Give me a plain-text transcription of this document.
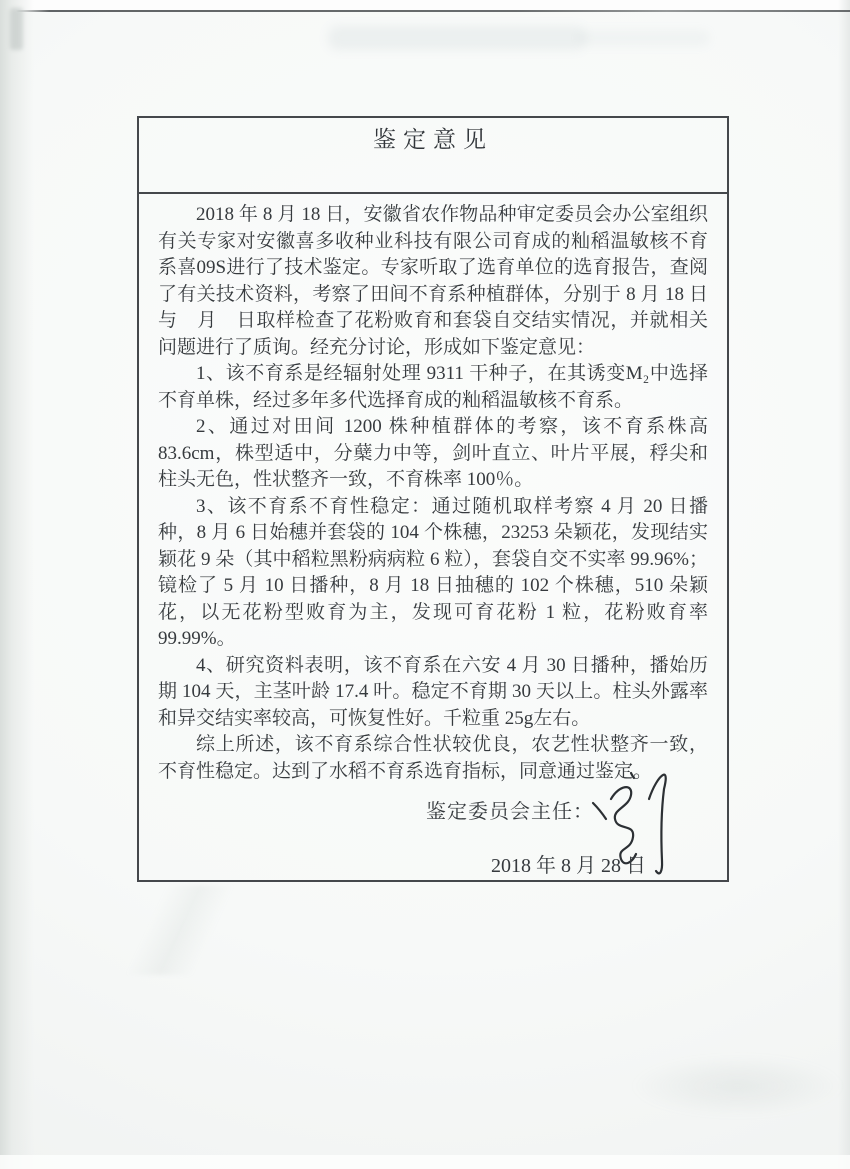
鉴定意见

2018 年 8 月 18 日，安徽省农作物品种审定委员会办公室组织有关专家对安徽喜多收种业科技有限公司育成的籼稻温敏核不育系喜09S进行了技术鉴定。专家听取了选育单位的选育报告，查阅了有关技术资料，考察了田间不育系种植群体，分别于 8 月 18 日与　月　日取样检查了花粉败育和套袋自交结实情况，并就相关问题进行了质询。经充分讨论，形成如下鉴定意见：

1、该不育系是经辐射处理 9311 干种子，在其诱变M₂中选择不育单株，经过多年多代选择育成的籼稻温敏核不育系。

2、通过对田间 1200 株种植群体的考察，该不育系株高 83.6cm，株型适中，分蘖力中等，剑叶直立、叶片平展，稃尖和柱头无色，性状整齐一致，不育株率 100％。

3、该不育系不育性稳定：通过随机取样考察 4 月 20 日播种，8 月 6 日始穗并套袋的 104 个株穗，23253 朵颖花，发现结实颖花 9 朵（其中稻粒黑粉病病粒 6 粒），套袋自交不实率 99.96%；镜检了 5 月 10 日播种，8 月 18 日抽穗的 102 个株穗，510 朵颖花，以无花粉型败育为主，发现可育花粉 1 粒，花粉败育率 99.99%。

4、研究资料表明，该不育系在六安 4 月 30 日播种，播始历期 104 天，主茎叶龄 17.4 叶。稳定不育期 30 天以上。柱头外露率和异交结实率较高，可恢复性好。千粒重 25g左右。

综上所述，该不育系综合性状较优良，农艺性状整齐一致，不育性稳定。达到了水稻不育系选育指标，同意通过鉴定。

鉴定委员会主任：
2018 年 8 月 28 日
